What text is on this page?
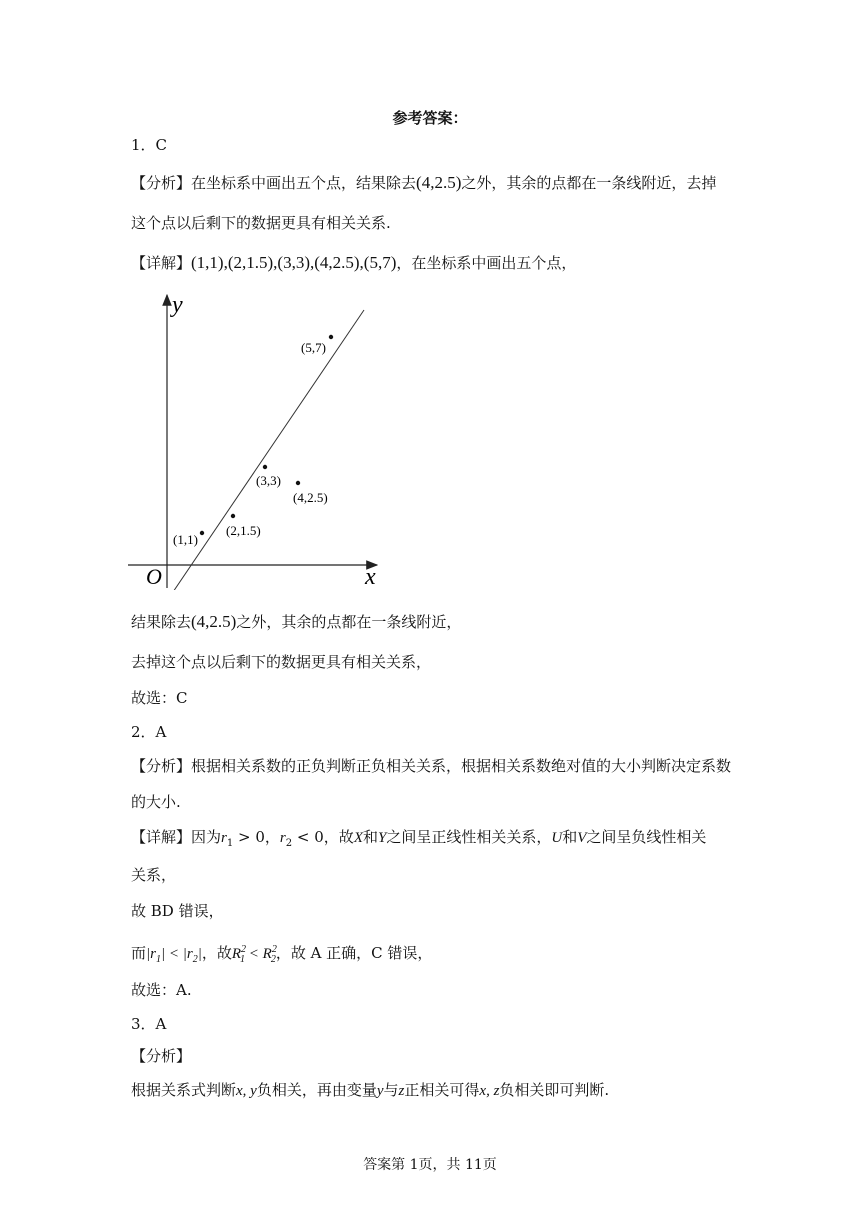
参考答案：
1．C
【分析】在坐标系中画出五个点，结果除去(4,2.5)之外，其余的点都在一条线附近，去掉
这个点以后剩下的数据更具有相关关系.
【详解】(1,1),(2,1.5),(3,3),(4,2.5),(5,7)，在坐标系中画出五个点，
y
x
O
(1,1)
(2,1.5)
(3,3)
(4,2.5)
(5,7)
结果除去(4,2.5)之外，其余的点都在一条线附近，
去掉这个点以后剩下的数据更具有相关关系，
故选：C
2．A
【分析】根据相关系数的正负判断正负相关关系，根据相关系数绝对值的大小判断决定系数
的大小.
【详解】因为$r_1 > 0$，$r_2 < 0$，故X和Y之间呈正线性相关关系，U和V之间呈负线性相关
关系，
故 BD 错误，
而$|r_1| < |r_2|$，故$R^2_1 < R^2_2$，故 A 正确，C 错误，
故选：A.
3．A
【分析】
根据关系式判断x, y负相关，再由变量y与z正相关可得x, z负相关即可判断.
答案第 1页，共 11页
